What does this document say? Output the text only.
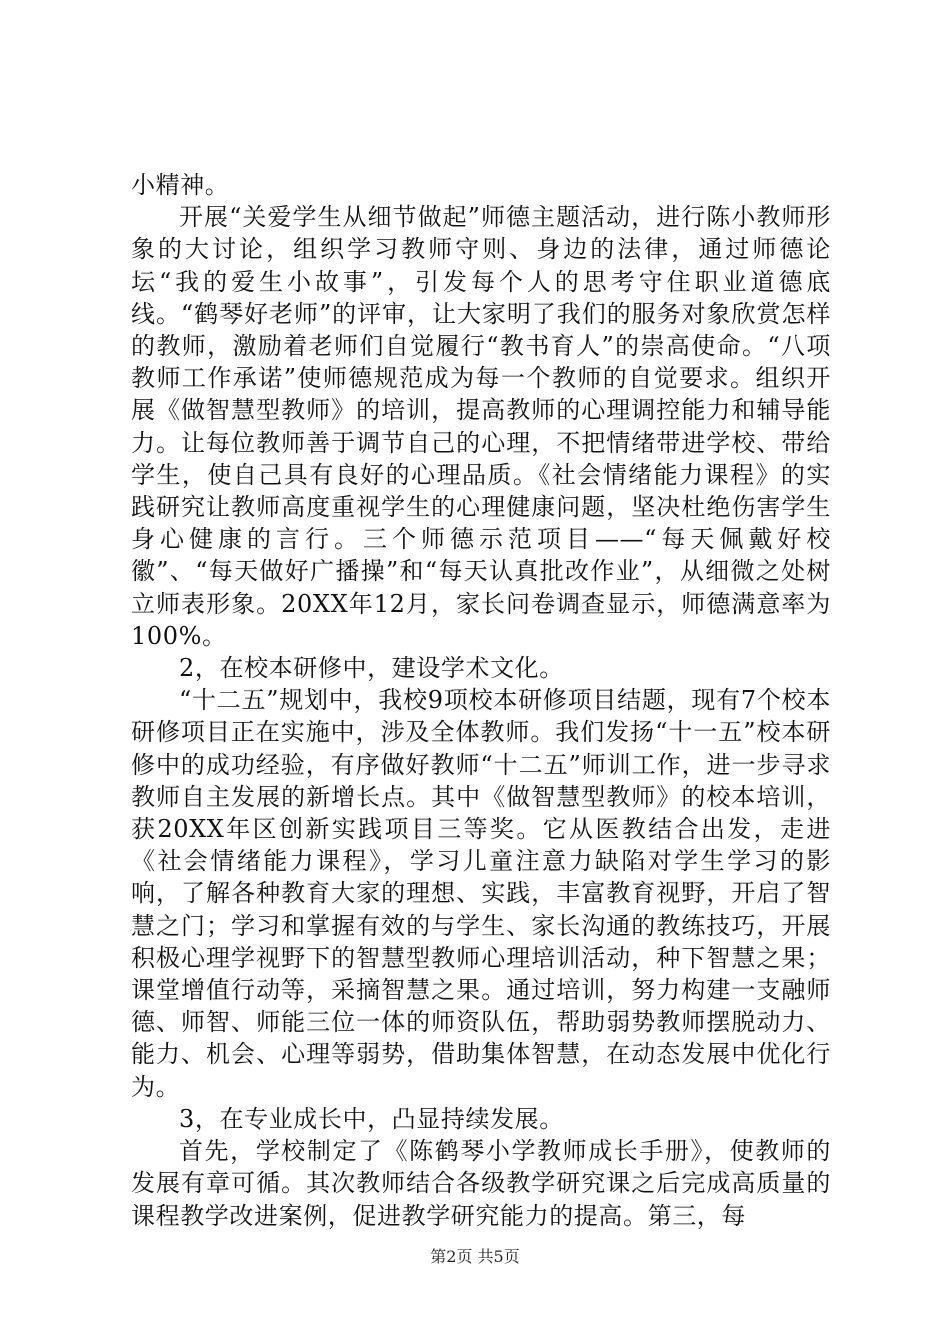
小精神。

开展“关爱学生从细节做起”师德主题活动，进行陈小教师形象的大讨论，组织学习教师守则、身边的法律，通过师德论坛“我的爱生小故事”，引发每个人的思考守住职业道德底线。“鹤琴好老师”的评审，让大家明了我们的服务对象欣赏怎样的教师，激励着老师们自觉履行“教书育人”的崇高使命。“八项教师工作承诺”使师德规范成为每一个教师的自觉要求。组织开展《做智慧型教师》的培训，提高教师的心理调控能力和辅导能力。让每位教师善于调节自己的心理，不把情绪带进学校、带给学生，使自己具有良好的心理品质。《社会情绪能力课程》的实践研究让教师高度重视学生的心理健康问题，坚决杜绝伤害学生身心健康的言行。三个师德示范项目——“每天佩戴好校徽”、“每天做好广播操”和“每天认真批改作业”，从细微之处树立师表形象。20XX年12月，家长问卷调查显示，师德满意率为100%。

2，在校本研修中，建设学术文化。

“十二五”规划中，我校9项校本研修项目结题，现有7个校本研修项目正在实施中，涉及全体教师。我们发扬“十一五”校本研修中的成功经验，有序做好教师“十二五”师训工作，进一步寻求教师自主发展的新增长点。其中《做智慧型教师》的校本培训，获20XX年区创新实践项目三等奖。它从医教结合出发，走进《社会情绪能力课程》，学习儿童注意力缺陷对学生学习的影响，了解各种教育大家的理想、实践，丰富教育视野，开启了智慧之门；学习和掌握有效的与学生、家长沟通的教练技巧，开展积极心理学视野下的智慧型教师心理培训活动，种下智慧之果；课堂增值行动等，采摘智慧之果。通过培训，努力构建一支融师德、师智、师能三位一体的师资队伍，帮助弱势教师摆脱动力、能力、机会、心理等弱势，借助集体智慧，在动态发展中优化行为。

3，在专业成长中，凸显持续发展。

首先，学校制定了《陈鹤琴小学教师成长手册》，使教师的发展有章可循。其次教师结合各级教学研究课之后完成高质量的课程教学改进案例，促进教学研究能力的提高。第三，每

第2页 共5页
